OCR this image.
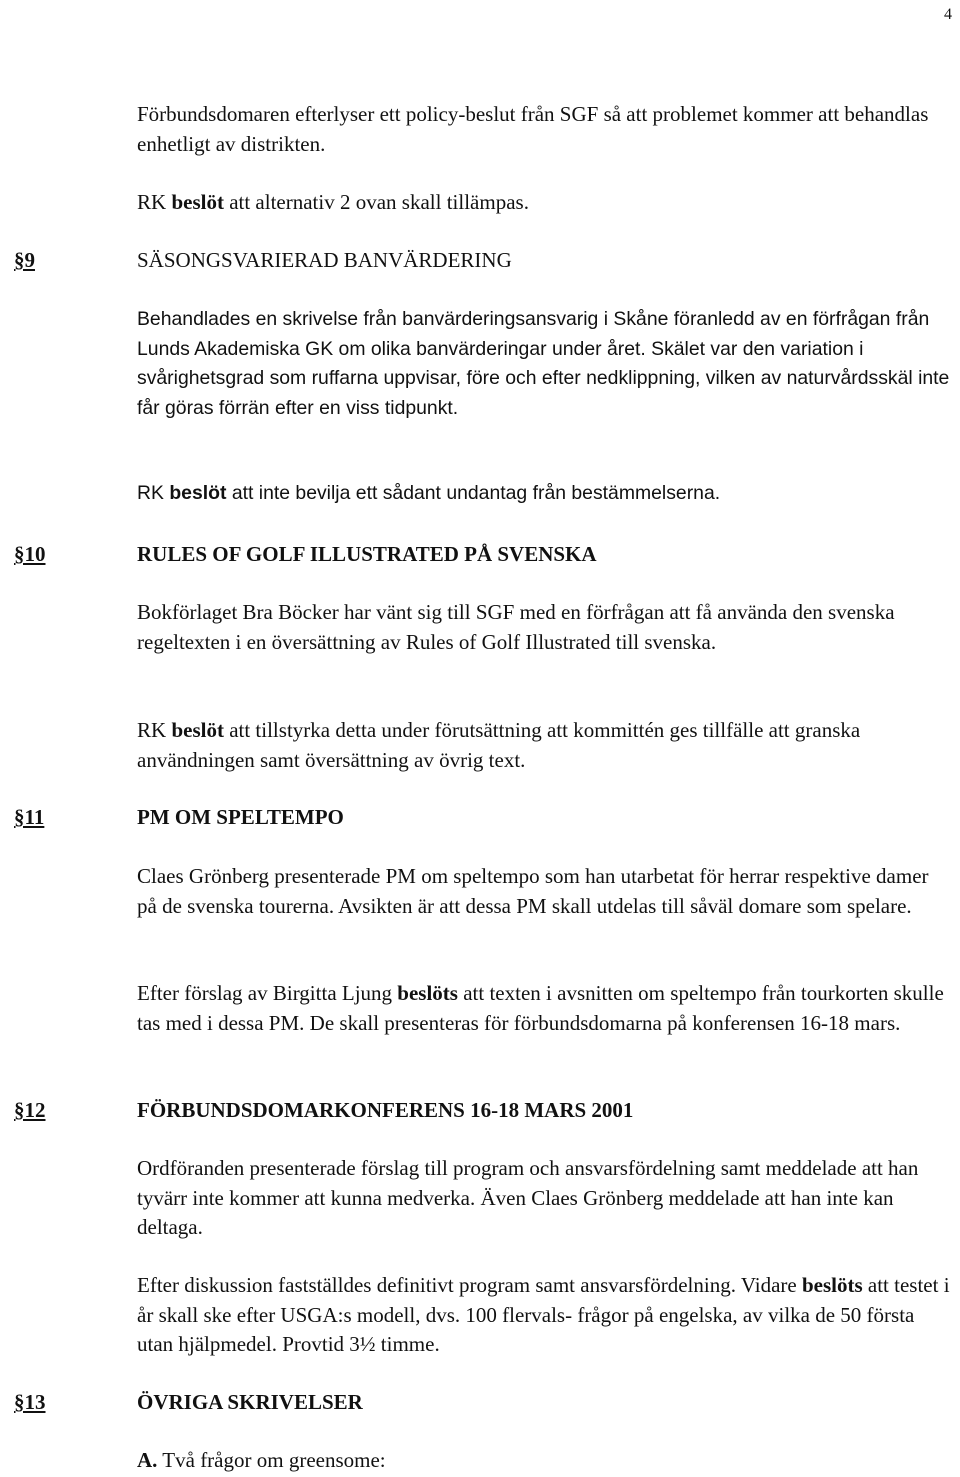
4

Förbundsdomaren efterlyser ett policy-beslut från SGF så att problemet kommer att behandlas enhetligt av distrikten.

RK beslöt att alternativ 2 ovan skall tillämpas.

§9	SÄSONGSVARIERAD BANVÄRDERING

Behandlades en skrivelse från banvärderingsansvarig i Skåne föranledd av en förfrågan från Lunds Akademiska GK om olika banvärderingar under året. Skälet var den variation i svårighetsgrad som ruffarna uppvisar, före och efter nedklippning, vilken av naturvårdsskäl inte får göras förrän efter en viss tidpunkt.

RK beslöt att inte bevilja ett sådant undantag från bestämmelserna.

§10	RULES OF GOLF ILLUSTRATED PÅ SVENSKA

Bokförlaget Bra Böcker har vänt sig till SGF med en förfrågan att få använda den svenska regeltexten i en översättning av Rules of Golf Illustrated till svenska.

RK beslöt att tillstyrka detta under förutsättning att kommittén ges tillfälle att granska användningen samt översättning av övrig text.

§11	PM OM SPELTEMPO

Claes Grönberg presenterade PM om speltempo som han utarbetat för herrar respektive damer på de svenska tourerna. Avsikten är att dessa PM skall utdelas till såväl domare som spelare.

Efter förslag av Birgitta Ljung beslöts att texten i avsnitten om speltempo från tourkorten skulle tas med i dessa PM. De skall presenteras för förbundsdomarna på konferensen 16-18 mars.

§12	FÖRBUNDSDOMARKONFERENS 16-18 MARS 2001

Ordföranden presenterade förslag till program och ansvarsfördelning samt meddelade att han tyvärr inte kommer att kunna medverka. Även Claes Grönberg meddelade att han inte kan deltaga.

Efter diskussion fastställdes definitivt program samt ansvarsfördelning. Vidare beslöts att testet i år skall ske efter USGA:s modell, dvs. 100 flervals- frågor på engelska, av vilka de 50 första utan hjälpmedel. Provtid 3½ timme.

§13	ÖVRIGA SKRIVELSER

A. Två frågor om greensome:
